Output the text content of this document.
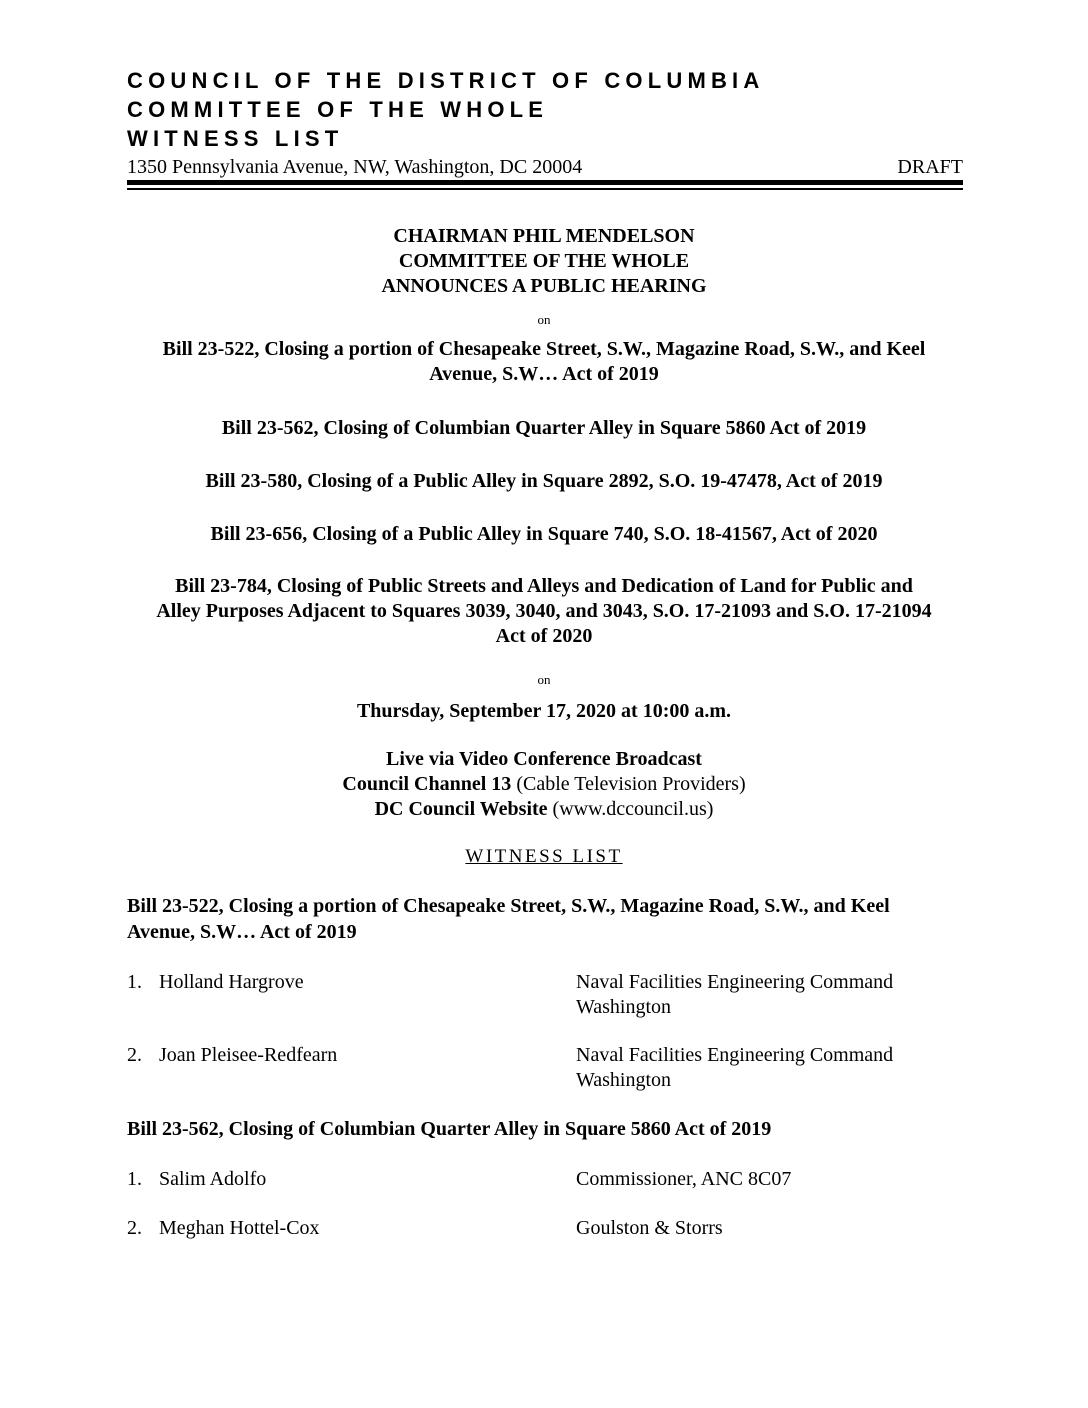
COUNCIL OF THE DISTRICT OF COLUMBIA
COMMITTEE OF THE WHOLE
WITNESS LIST
1350 Pennsylvania Avenue, NW, Washington, DC 20004	DRAFT
CHAIRMAN PHIL MENDELSON
COMMITTEE OF THE WHOLE
ANNOUNCES A PUBLIC HEARING
on
Bill 23-522, Closing a portion of Chesapeake Street, S.W., Magazine Road, S.W., and Keel
Avenue, S.W… Act of 2019
Bill 23-562, Closing of Columbian Quarter Alley in Square 5860 Act of 2019
Bill 23-580, Closing of a Public Alley in Square 2892, S.O. 19-47478, Act of 2019
Bill 23-656, Closing of a Public Alley in Square 740, S.O. 18-41567, Act of 2020
Bill 23-784, Closing of Public Streets and Alleys and Dedication of Land for Public and
Alley Purposes Adjacent to Squares 3039, 3040, and 3043, S.O. 17-21093 and S.O. 17-21094
Act of 2020
on
Thursday, September 17, 2020 at 10:00 a.m.
Live via Video Conference Broadcast
Council Channel 13 (Cable Television Providers)
DC Council Website (www.dccouncil.us)
WITNESS LIST
Bill 23-522, Closing a portion of Chesapeake Street, S.W., Magazine Road, S.W., and Keel
Avenue, S.W… Act of 2019
1. Holland Hargrove	Naval Facilities Engineering Command
Washington
2. Joan Pleisee-Redfearn	Naval Facilities Engineering Command
Washington
Bill 23-562, Closing of Columbian Quarter Alley in Square 5860 Act of 2019
1. Salim Adolfo	Commissioner, ANC 8C07
2. Meghan Hottel-Cox	Goulston & Storrs
